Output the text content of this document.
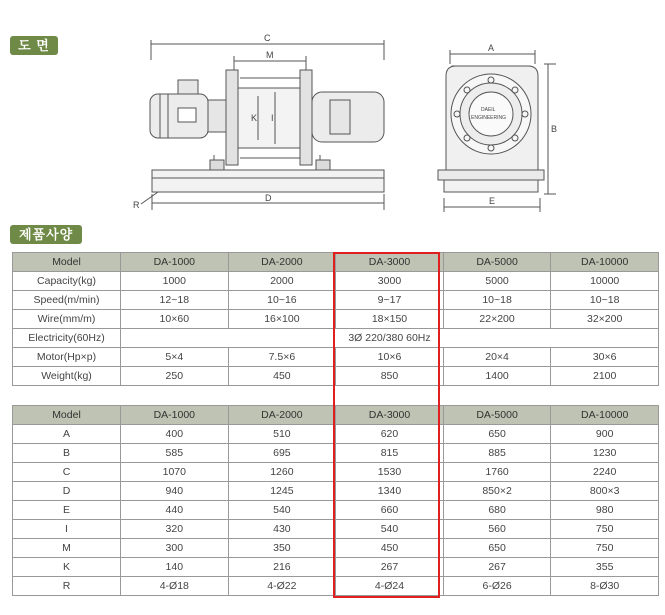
도 면	C
M
K I
D
R
A
B
E
DAEIL
ENGINEERING
제품사양
Model	DA-1000	DA-2000	DA-3000	DA-5000	DA-10000
Capacity(kg)	1000	2000	3000	5000	10000
Speed(m/min)	12~18	10~16	9~17	10~18	10~18
Wire(mm/m)	10×60	16×100	18×150	22×200	32×200
Electricity(60Hz)	3Ø 220/380 60Hz				
Motor(Hp×p)	5×4	7.5×6	10×6	20×4	30×6
Weight(kg)	250	450	850	1400	2100
Model	DA-1000	DA-2000	DA-3000	DA-5000	DA-10000
A	400	510	620	650	900
B	585	695	815	885	1230
C	1070	1260	1530	1760	2240
D	940	1245	1340	850×2	800×3
E	440	540	660	680	980
I	320	430	540	560	750
M	300	350	450	650	750
K	140	216	267	267	355
R	4-Ø18	4-Ø22	4-Ø24	6-Ø26	8-Ø30
